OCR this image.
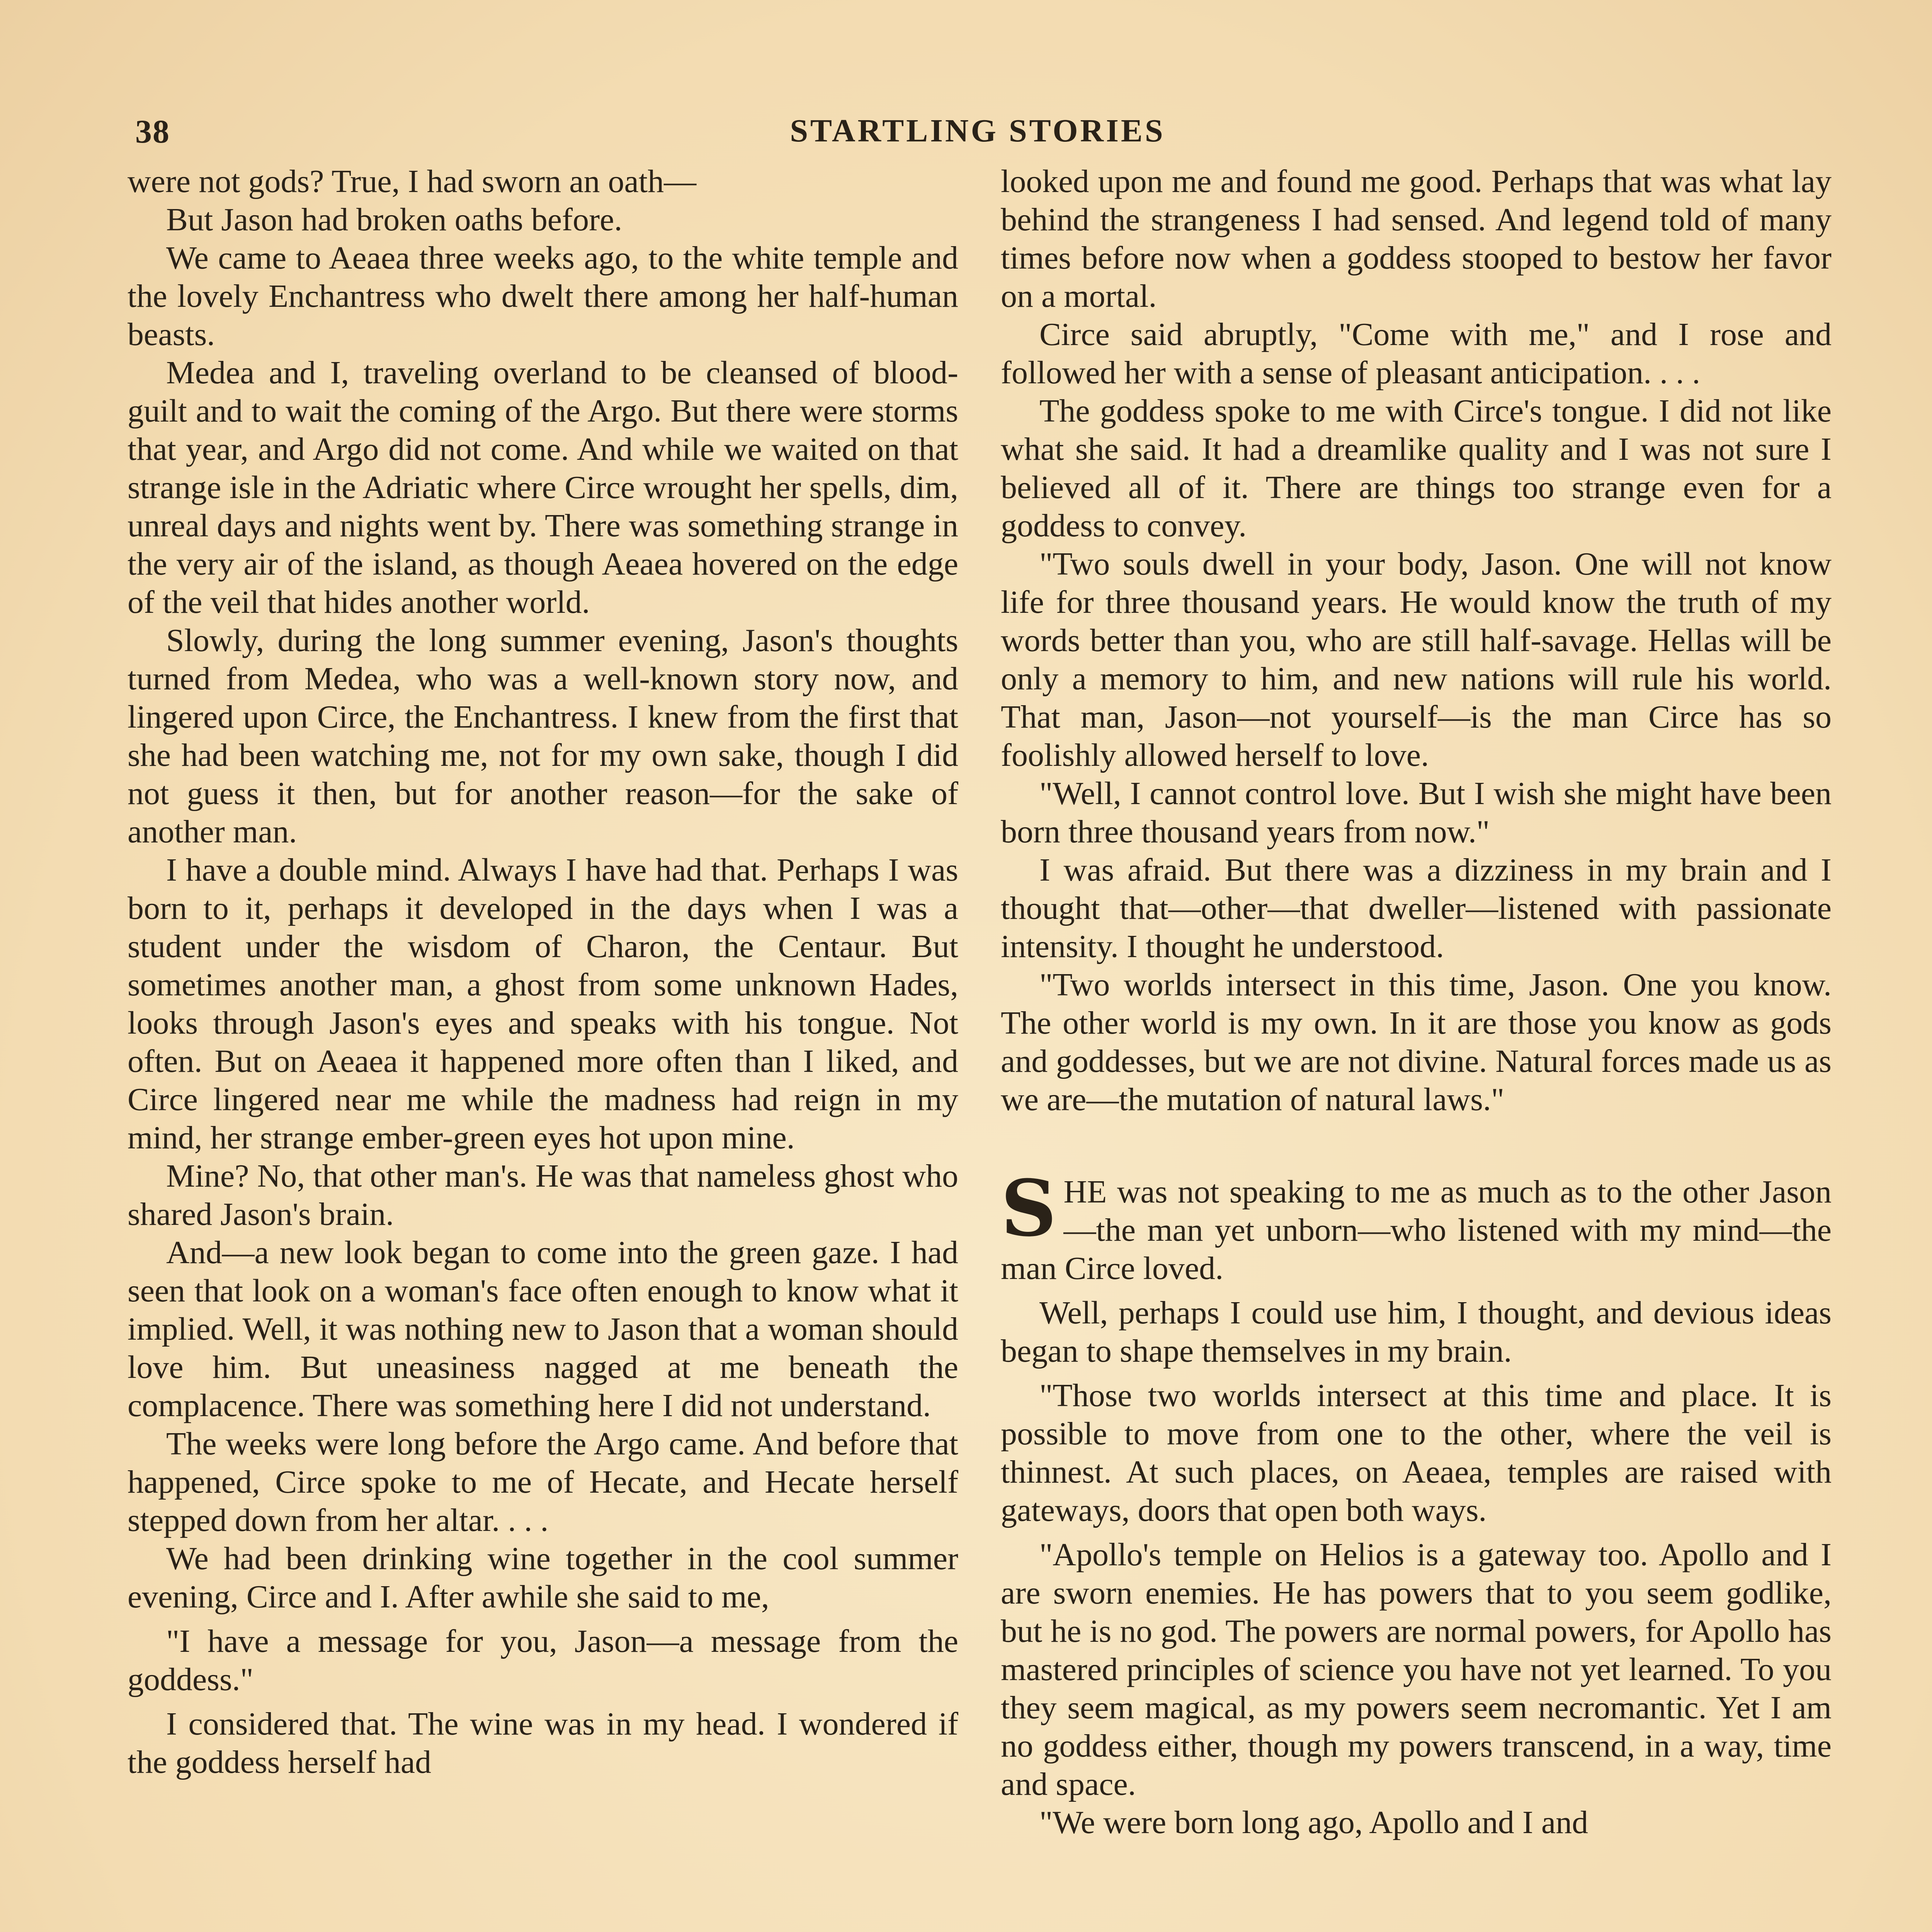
38	STARTLING STORIES

were not gods? True, I had sworn an oath—

But Jason had broken oaths before.

We came to Aeaea three weeks ago, to the white temple and the lovely Enchantress who dwelt there among her half-human beasts.

Medea and I, traveling overland to be cleansed of blood-guilt and to wait the coming of the Argo. But there were storms that year, and Argo did not come. And while we waited on that strange isle in the Adriatic where Circe wrought her spells, dim, unreal days and nights went by. There was something strange in the very air of the island, as though Aeaea hovered on the edge of the veil that hides another world.

Slowly, during the long summer evening, Jason's thoughts turned from Medea, who was a well-known story now, and lingered upon Circe, the Enchantress. I knew from the first that she had been watching me, not for my own sake, though I did not guess it then, but for another reason—for the sake of another man.

I have a double mind. Always I have had that. Perhaps I was born to it, perhaps it developed in the days when I was a student under the wisdom of Charon, the Centaur. But sometimes another man, a ghost from some unknown Hades, looks through Jason's eyes and speaks with his tongue. Not often. But on Aeaea it happened more often than I liked, and Circe lingered near me while the madness had reign in my mind, her strange ember-green eyes hot upon mine.

Mine? No, that other man's. He was that nameless ghost who shared Jason's brain.

And—a new look began to come into the green gaze. I had seen that look on a woman's face often enough to know what it implied. Well, it was nothing new to Jason that a woman should love him. But uneasiness nagged at me beneath the complacence. There was something here I did not understand.

The weeks were long before the Argo came. And before that happened, Circe spoke to me of Hecate, and Hecate herself stepped down from her altar. . . .

We had been drinking wine together in the cool summer evening, Circe and I. After awhile she said to me,

"I have a message for you, Jason—a message from the goddess."

I considered that. The wine was in my head. I wondered if the goddess herself had

looked upon me and found me good. Perhaps that was what lay behind the strangeness I had sensed. And legend told of many times before now when a goddess stooped to bestow her favor on a mortal.

Circe said abruptly, "Come with me," and I rose and followed her with a sense of pleasant anticipation. . . .

The goddess spoke to me with Circe's tongue. I did not like what she said. It had a dreamlike quality and I was not sure I believed all of it. There are things too strange even for a goddess to convey.

"Two souls dwell in your body, Jason. One will not know life for three thousand years. He would know the truth of my words better than you, who are still half-savage. Hellas will be only a memory to him, and new nations will rule his world. That man, Jason—not yourself—is the man Circe has so foolishly allowed herself to love.

"Well, I cannot control love. But I wish she might have been born three thousand years from now."

I was afraid. But there was a dizziness in my brain and I thought that—other—that dweller—listened with passionate intensity. I thought he understood.

"Two worlds intersect in this time, Jason. One you know. The other world is my own. In it are those you know as gods and goddesses, but we are not divine. Natural forces made us as we are—the mutation of natural laws."

SHE was not speaking to me as much as to the other Jason—the man yet unborn—who listened with my mind—the man Circe loved.

Well, perhaps I could use him, I thought, and devious ideas began to shape themselves in my brain.

"Those two worlds intersect at this time and place. It is possible to move from one to the other, where the veil is thinnest. At such places, on Aeaea, temples are raised with gateways, doors that open both ways.

"Apollo's temple on Helios is a gateway too. Apollo and I are sworn enemies. He has powers that to you seem godlike, but he is no god. The powers are normal powers, for Apollo has mastered principles of science you have not yet learned. To you they seem magical, as my powers seem necromantic. Yet I am no goddess either, though my powers transcend, in a way, time and space.

"We were born long ago, Apollo and I and
